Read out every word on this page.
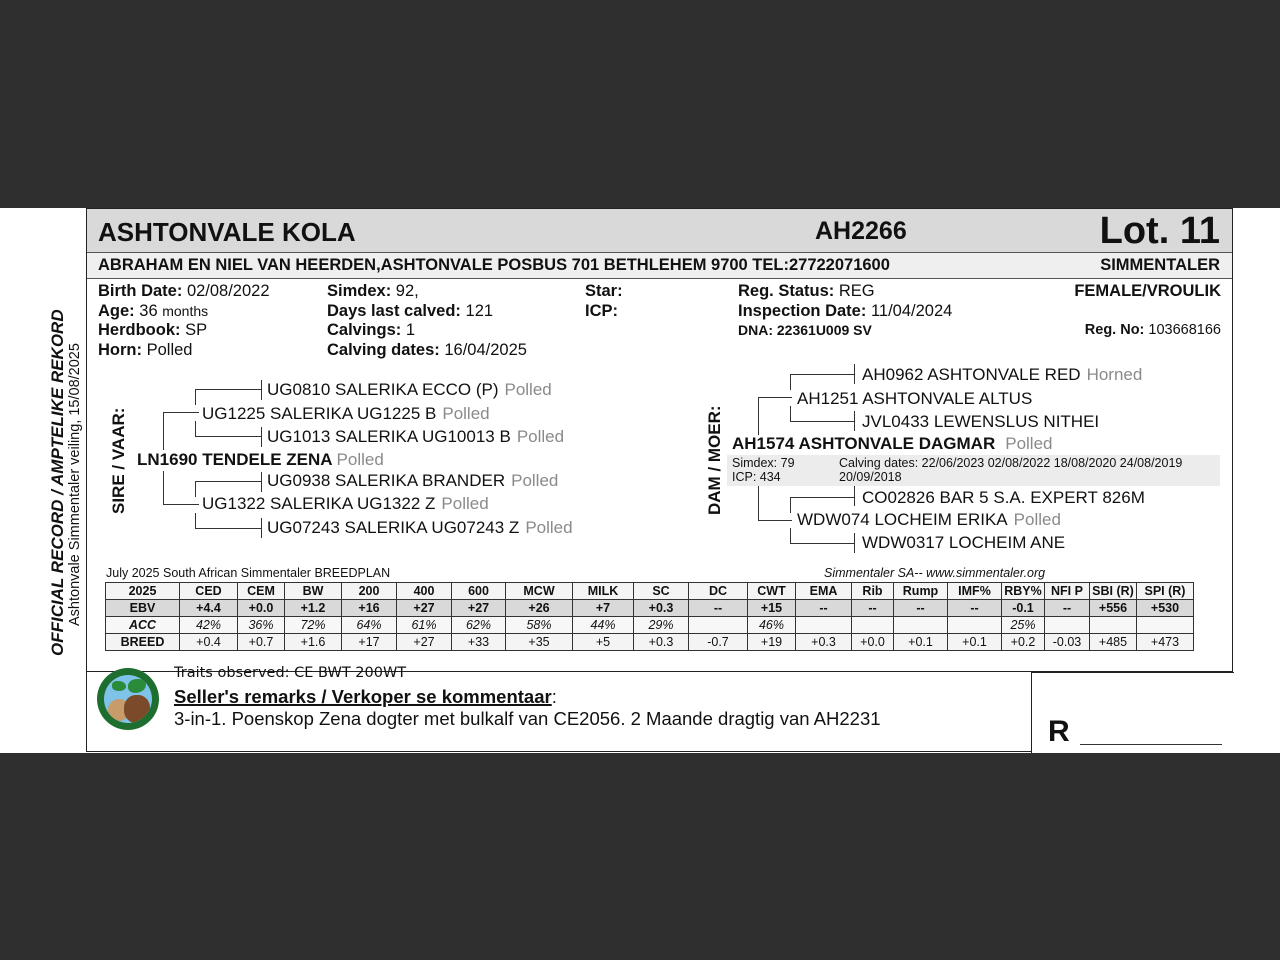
ASHTONVALE KOLA	AH2266	Lot. 11
ABRAHAM EN NIEL VAN HEERDEN,ASHTONVALE POSBUS 701 BETHLEHEM 9700 TEL:27722071600	SIMMENTALER
OFFICIAL RECORD / AMPTELIKE REKORD Ashtonvale Simmentaler veiling, 15/08/2025
Birth Date: 02/08/2022
Age: 36 months
Herdbook: SP
Horn: Polled
Simdex: 92,
Days last calved: 121
Calvings: 1
Calving dates: 16/04/2025
Star:
ICP:
Reg. Status: REG
Inspection Date: 11/04/2024
DNA: 22361U009 SV
FEMALE/VROULIK
Reg. No: 103668166
SIRE / VAAR:
UG0810 SALERIKA ECCO (P) Polled
UG1225 SALERIKA UG1225 B Polled
UG1013 SALERIKA UG10013 B Polled
LN1690 TENDELE ZENA Polled
UG0938 SALERIKA BRANDER Polled
UG1322 SALERIKA UG1322 Z Polled
UG07243 SALERIKA UG07243 Z Polled
DAM / MOER:
AH0962 ASHTONVALE RED Horned
AH1251 ASHTONVALE ALTUS
JVL0433 LEWENSLUS NITHEI
AH1574 ASHTONVALE DAGMAR Polled
Simdex: 79
ICP: 434
Calving dates: 22/06/2023 02/08/2022 18/08/2020 24/08/2019
20/09/2018
CO02826 BAR 5 S.A. EXPERT 826M
WDW074 LOCHEIM ERIKA Polled
WDW0317 LOCHEIM ANE
July 2025 South African Simmentaler BREEDPLAN	Simmentaler SA-- www.simmentaler.org
2025	CED	CEM	BW	200	400	600	MCW	MILK	SC	DC	CWT	EMA	Rib	Rump	IMF%	RBY%	NFI P	SBI (R)	SPI (R)
EBV	+4.4	+0.0	+1.2	+16	+27	+27	+26	+7	+0.3	--	+15	--	--	--	--	-0.1	--	+556	+530
ACC	42%	36%	72%	64%	61%	62%	58%	44%	29%		46%					25%			
BREED	+0.4	+0.7	+1.6	+17	+27	+33	+35	+5	+0.3	-0.7	+19	+0.3	+0.0	+0.1	+0.1	+0.2	-0.03	+485	+473
Traits observed: CE BWT 200WT
Seller's remarks / Verkoper se kommentaar:
3-in-1. Poenskop Zena dogter met bulkalf van CE2056. 2 Maande dragtig van AH2231	R
